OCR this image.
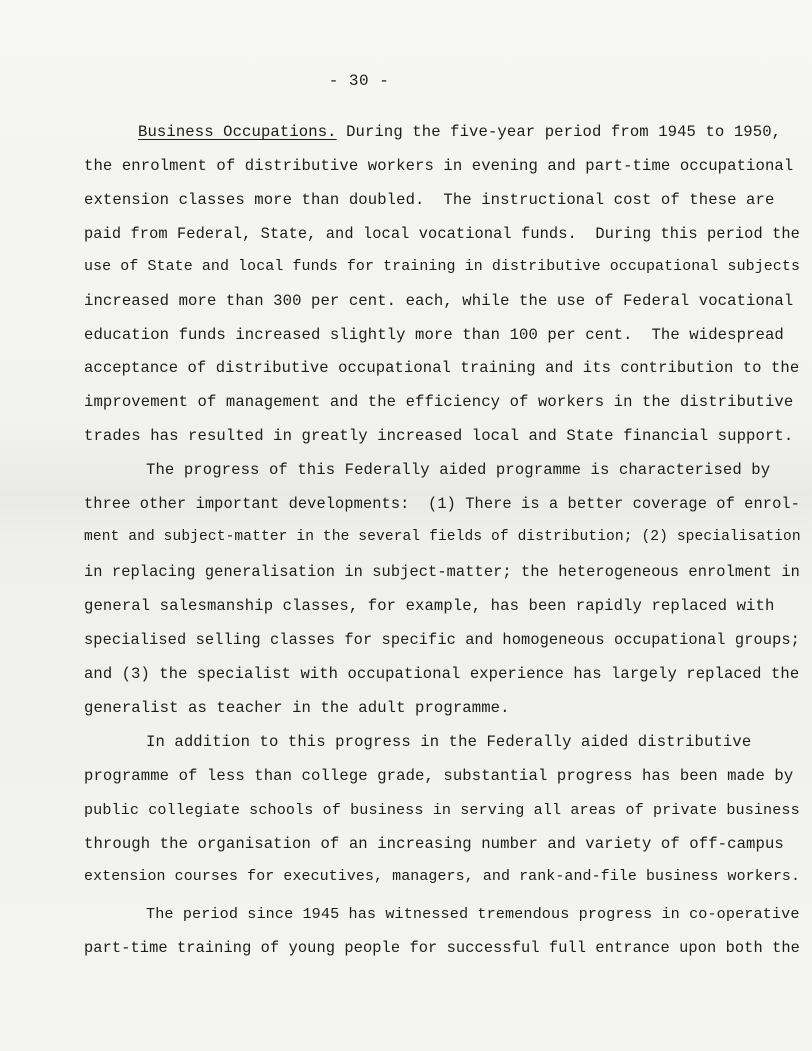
- 30 -
Business Occupations. During the five-year period from 1945 to 1950,
the enrolment of distributive workers in evening and part-time occupational
extension classes more than doubled.  The instructional cost of these are
paid from Federal, State, and local vocational funds.  During this period the
use of State and local funds for training in distributive occupational subjects
increased more than 300 per cent. each, while the use of Federal vocational
education funds increased slightly more than 100 per cent.  The widespread
acceptance of distributive occupational training and its contribution to the
improvement of management and the efficiency of workers in the distributive
trades has resulted in greatly increased local and State financial support.
The progress of this Federally aided programme is characterised by
three other important developments:  (1) There is a better coverage of enrol-
ment and subject-matter in the several fields of distribution; (2) specialisation
in replacing generalisation in subject-matter; the heterogeneous enrolment in
general salesmanship classes, for example, has been rapidly replaced with
specialised selling classes for specific and homogeneous occupational groups;
and (3) the specialist with occupational experience has largely replaced the
generalist as teacher in the adult programme.
In addition to this progress in the Federally aided distributive
programme of less than college grade, substantial progress has been made by
public collegiate schools of business in serving all areas of private business
through the organisation of an increasing number and variety of off-campus
extension courses for executives, managers, and rank-and-file business workers.
The period since 1945 has witnessed tremendous progress in co-operative
part-time training of young people for successful full entrance upon both the
